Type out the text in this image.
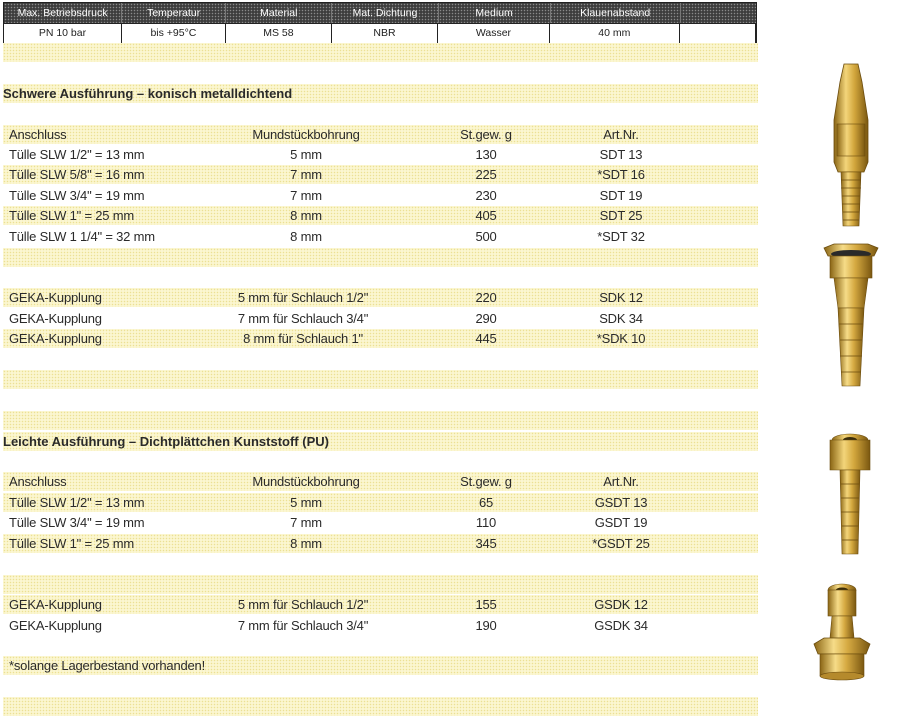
Max. Betriebsdruck	Temperatur	Material	Mat. Dichtung	Medium	Klauenabstand
PN 10 bar	bis +95°C	MS 58	NBR	Wasser	40 mm
Schwere Ausführung – konisch metalldichtend
Anschluss	Mundstückbohrung	St.gew. g	Art.Nr.
Tülle SLW 1/2" = 13 mm	5 mm	130	SDT 13
Tülle SLW 5/8" = 16 mm	7 mm	225	*SDT 16
Tülle SLW 3/4" = 19 mm	7 mm	230	SDT 19
Tülle SLW 1" = 25 mm	8 mm	405	SDT 25
Tülle SLW 1 1/4" = 32 mm	8 mm	500	*SDT 32
GEKA-Kupplung	5 mm für Schlauch 1/2"	220	SDK 12
GEKA-Kupplung	7 mm für Schlauch 3/4"	290	SDK 34
GEKA-Kupplung	8 mm für Schlauch 1"	445	*SDK 10
Leichte Ausführung – Dichtplättchen Kunststoff (PU)
Anschluss	Mundstückbohrung	St.gew. g	Art.Nr.
Tülle SLW 1/2" = 13 mm	5 mm	65	GSDT 13
Tülle SLW 3/4" = 19 mm	7 mm	110	GSDT 19
Tülle SLW 1" = 25 mm	8 mm	345	*GSDT 25
GEKA-Kupplung	5 mm für Schlauch 1/2"	155	GSDK 12
GEKA-Kupplung	7 mm für Schlauch 3/4"	190	GSDK 34
*solange Lagerbestand vorhanden!
